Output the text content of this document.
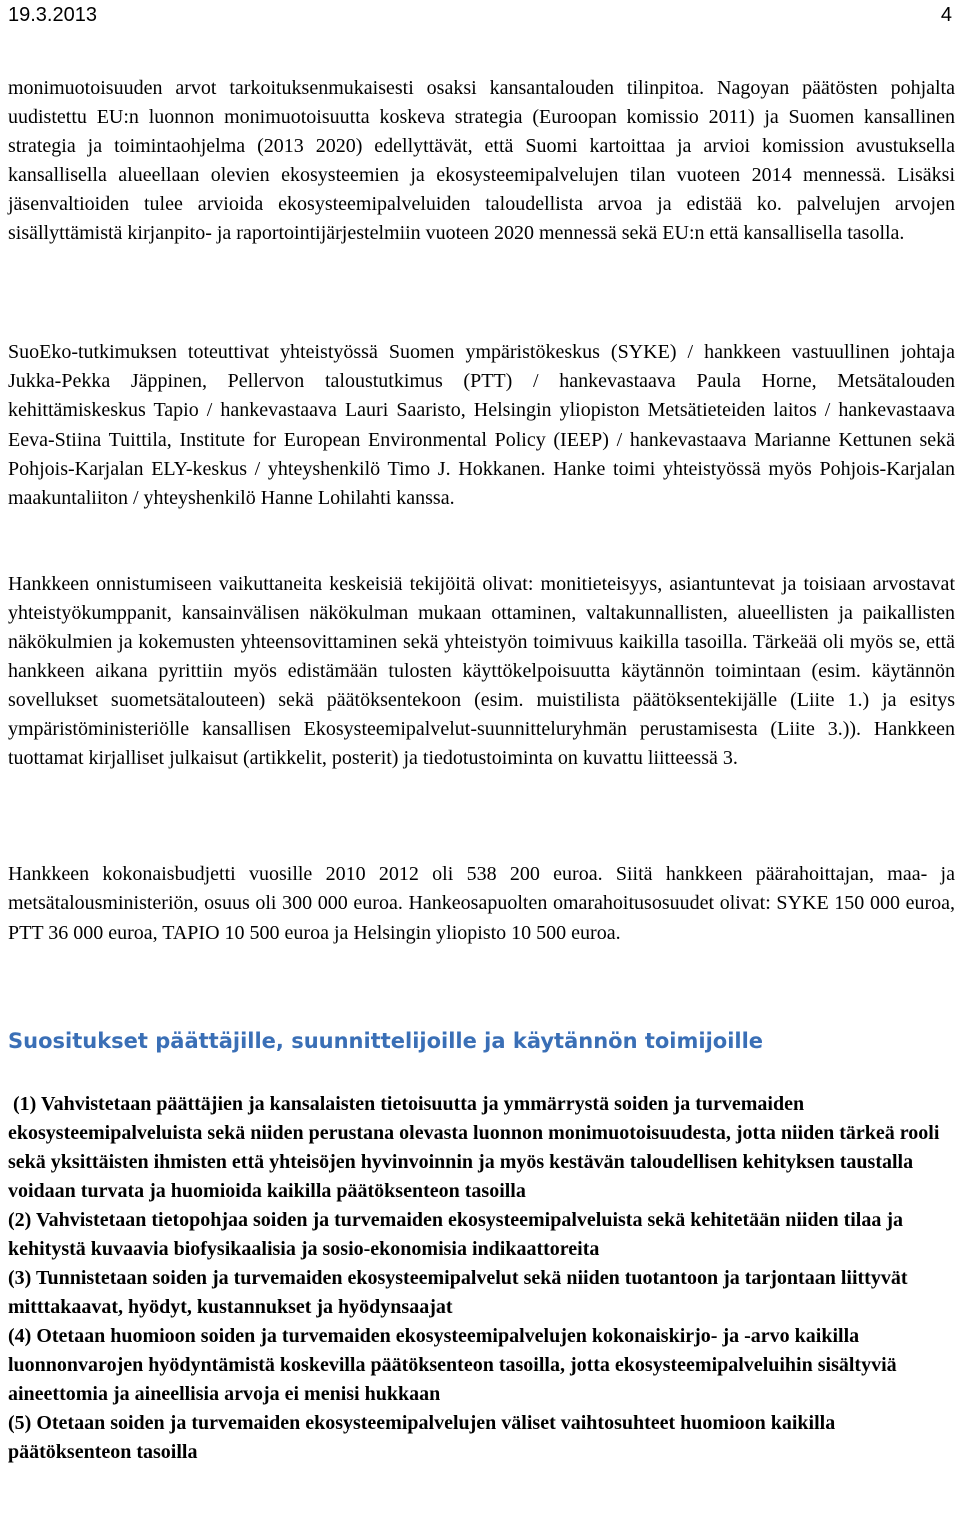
19.3.2013	4

monimuotoisuuden arvot tarkoituksenmukaisesti osaksi kansantalouden tilinpitoa. Nagoyan päätösten pohjalta uudistettu EU:n luonnon monimuotoisuutta koskeva strategia (Euroopan komissio 2011) ja Suomen kansallinen strategia ja toimintaohjelma (2013 2020) edellyttävät, että Suomi kartoittaa ja arvioi komission avustuksella kansallisella alueellaan olevien ekosysteemien ja ekosysteemipalvelujen tilan vuoteen 2014 mennessä. Lisäksi jäsenvaltioiden tulee arvioida ekosysteemipalveluiden taloudellista arvoa ja edistää ko. palvelujen arvojen sisällyttämistä kirjanpito- ja raportointijärjestelmiin vuoteen 2020 mennessä sekä EU:n että kansallisella tasolla.

SuoEko-tutkimuksen toteuttivat yhteistyössä Suomen ympäristökeskus (SYKE) / hankkeen vastuullinen johtaja Jukka-Pekka Jäppinen, Pellervon taloustutkimus (PTT) / hankevastaava Paula Horne, Metsätalouden kehittämiskeskus Tapio / hankevastaava Lauri Saaristo, Helsingin yliopiston Metsätieteiden laitos / hankevastaava Eeva-Stiina Tuittila, Institute for European Environmental Policy (IEEP) / hankevastaava Marianne Kettunen sekä Pohjois-Karjalan ELY-keskus / yhteyshenkilö Timo J. Hokkanen. Hanke toimi yhteistyössä myös Pohjois-Karjalan maakuntaliiton / yhteyshenkilö Hanne Lohilahti kanssa.

Hankkeen onnistumiseen vaikuttaneita keskeisiä tekijöitä olivat: monitieteisyys, asiantuntevat ja toisiaan arvostavat yhteistyökumppanit, kansainvälisen näkökulman mukaan ottaminen, valtakunnallisten, alueellisten ja paikallisten näkökulmien ja kokemusten yhteensovittaminen sekä yhteistyön toimivuus kaikilla tasoilla. Tärkeää oli myös se, että hankkeen aikana pyrittiin myös edistämään tulosten käyttökelpoisuutta käytännön toimintaan (esim. käytännön sovellukset suometsätalouteen) sekä päätöksentekoon (esim. muistilista päätöksentekijälle (Liite 1.) ja esitys ympäristöministeriölle kansallisen Ekosysteemipalvelut-suunnitteluryhmän perustamisesta (Liite 3.)). Hankkeen tuottamat kirjalliset julkaisut (artikkelit, posterit) ja tiedotustoiminta on kuvattu liitteessä 3.

Hankkeen kokonaisbudjetti vuosille 2010 2012 oli 538 200 euroa. Siitä hankkeen päärahoittajan, maa- ja metsätalousministeriön, osuus oli 300 000 euroa. Hankeosapuolten omarahoitusosuudet olivat: SYKE 150 000 euroa, PTT 36 000 euroa, TAPIO 10 500 euroa ja Helsingin yliopisto 10 500 euroa.

Suositukset päättäjille, suunnittelijoille ja käytännön toimijoille
(1) Vahvistetaan päättäjien ja kansalaisten tietoisuutta ja ymmärrystä soiden ja turvemaiden ekosysteemipalveluista sekä niiden perustana olevasta luonnon monimuotoisuudesta, jotta niiden tärkeä rooli sekä yksittäisten ihmisten että yhteisöjen hyvinvoinnin ja myös kestävän taloudellisen kehityksen taustalla voidaan turvata ja huomioida kaikilla päätöksenteon tasoilla
(2) Vahvistetaan tietopohjaa soiden ja turvemaiden ekosysteemipalveluista sekä kehitetään niiden tilaa ja kehitystä kuvaavia biofysikaalisia ja sosio-ekonomisia indikaattoreita
(3) Tunnistetaan soiden ja turvemaiden ekosysteemipalvelut sekä niiden tuotantoon ja tarjontaan liittyvät mitttakaavat, hyödyt, kustannukset ja hyödynsaajat
(4) Otetaan huomioon soiden ja turvemaiden ekosysteemipalvelujen kokonaiskirjo- ja -arvo kaikilla luonnonvarojen hyödyntämistä koskevilla päätöksenteon tasoilla, jotta ekosysteemipalveluihin sisältyviä aineettomia ja aineellisia arvoja ei menisi hukkaan
(5) Otetaan soiden ja turvemaiden ekosysteemipalvelujen väliset vaihtosuhteet huomioon kaikilla päätöksenteon tasoilla
